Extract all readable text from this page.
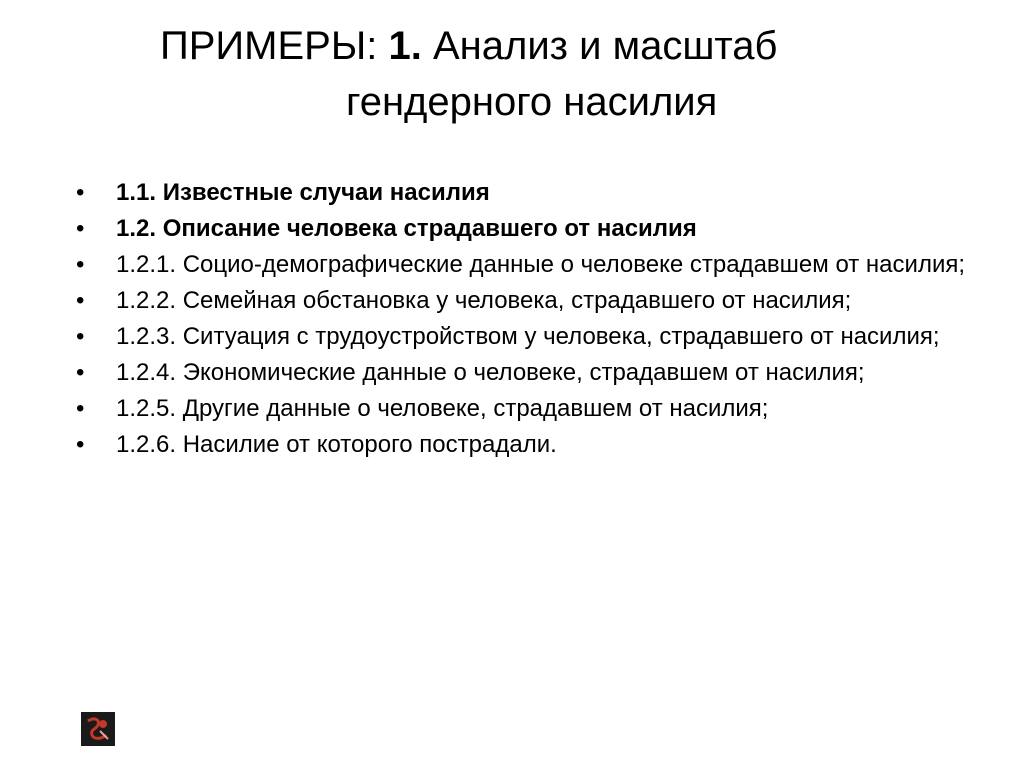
ПРИМЕРЫ: 1. Анализ и масштаб
гендерного насилия
• 1.1. Известные случаи насилия
• 1.2. Описание человека страдавшего от насилия
• 1.2.1. Социо-демографические данные о человеке страдавшем от насилия;
• 1.2.2. Семейная обстановка у человека, страдавшего от насилия;
• 1.2.3. Ситуация с трудоустройством у человека, страдавшего от насилия;
• 1.2.4. Экономические данные о человеке, страдавшем от насилия;
• 1.2.5. Другие данные о человеке, страдавшем от насилия;
• 1.2.6. Насилие от которого пострадали.
